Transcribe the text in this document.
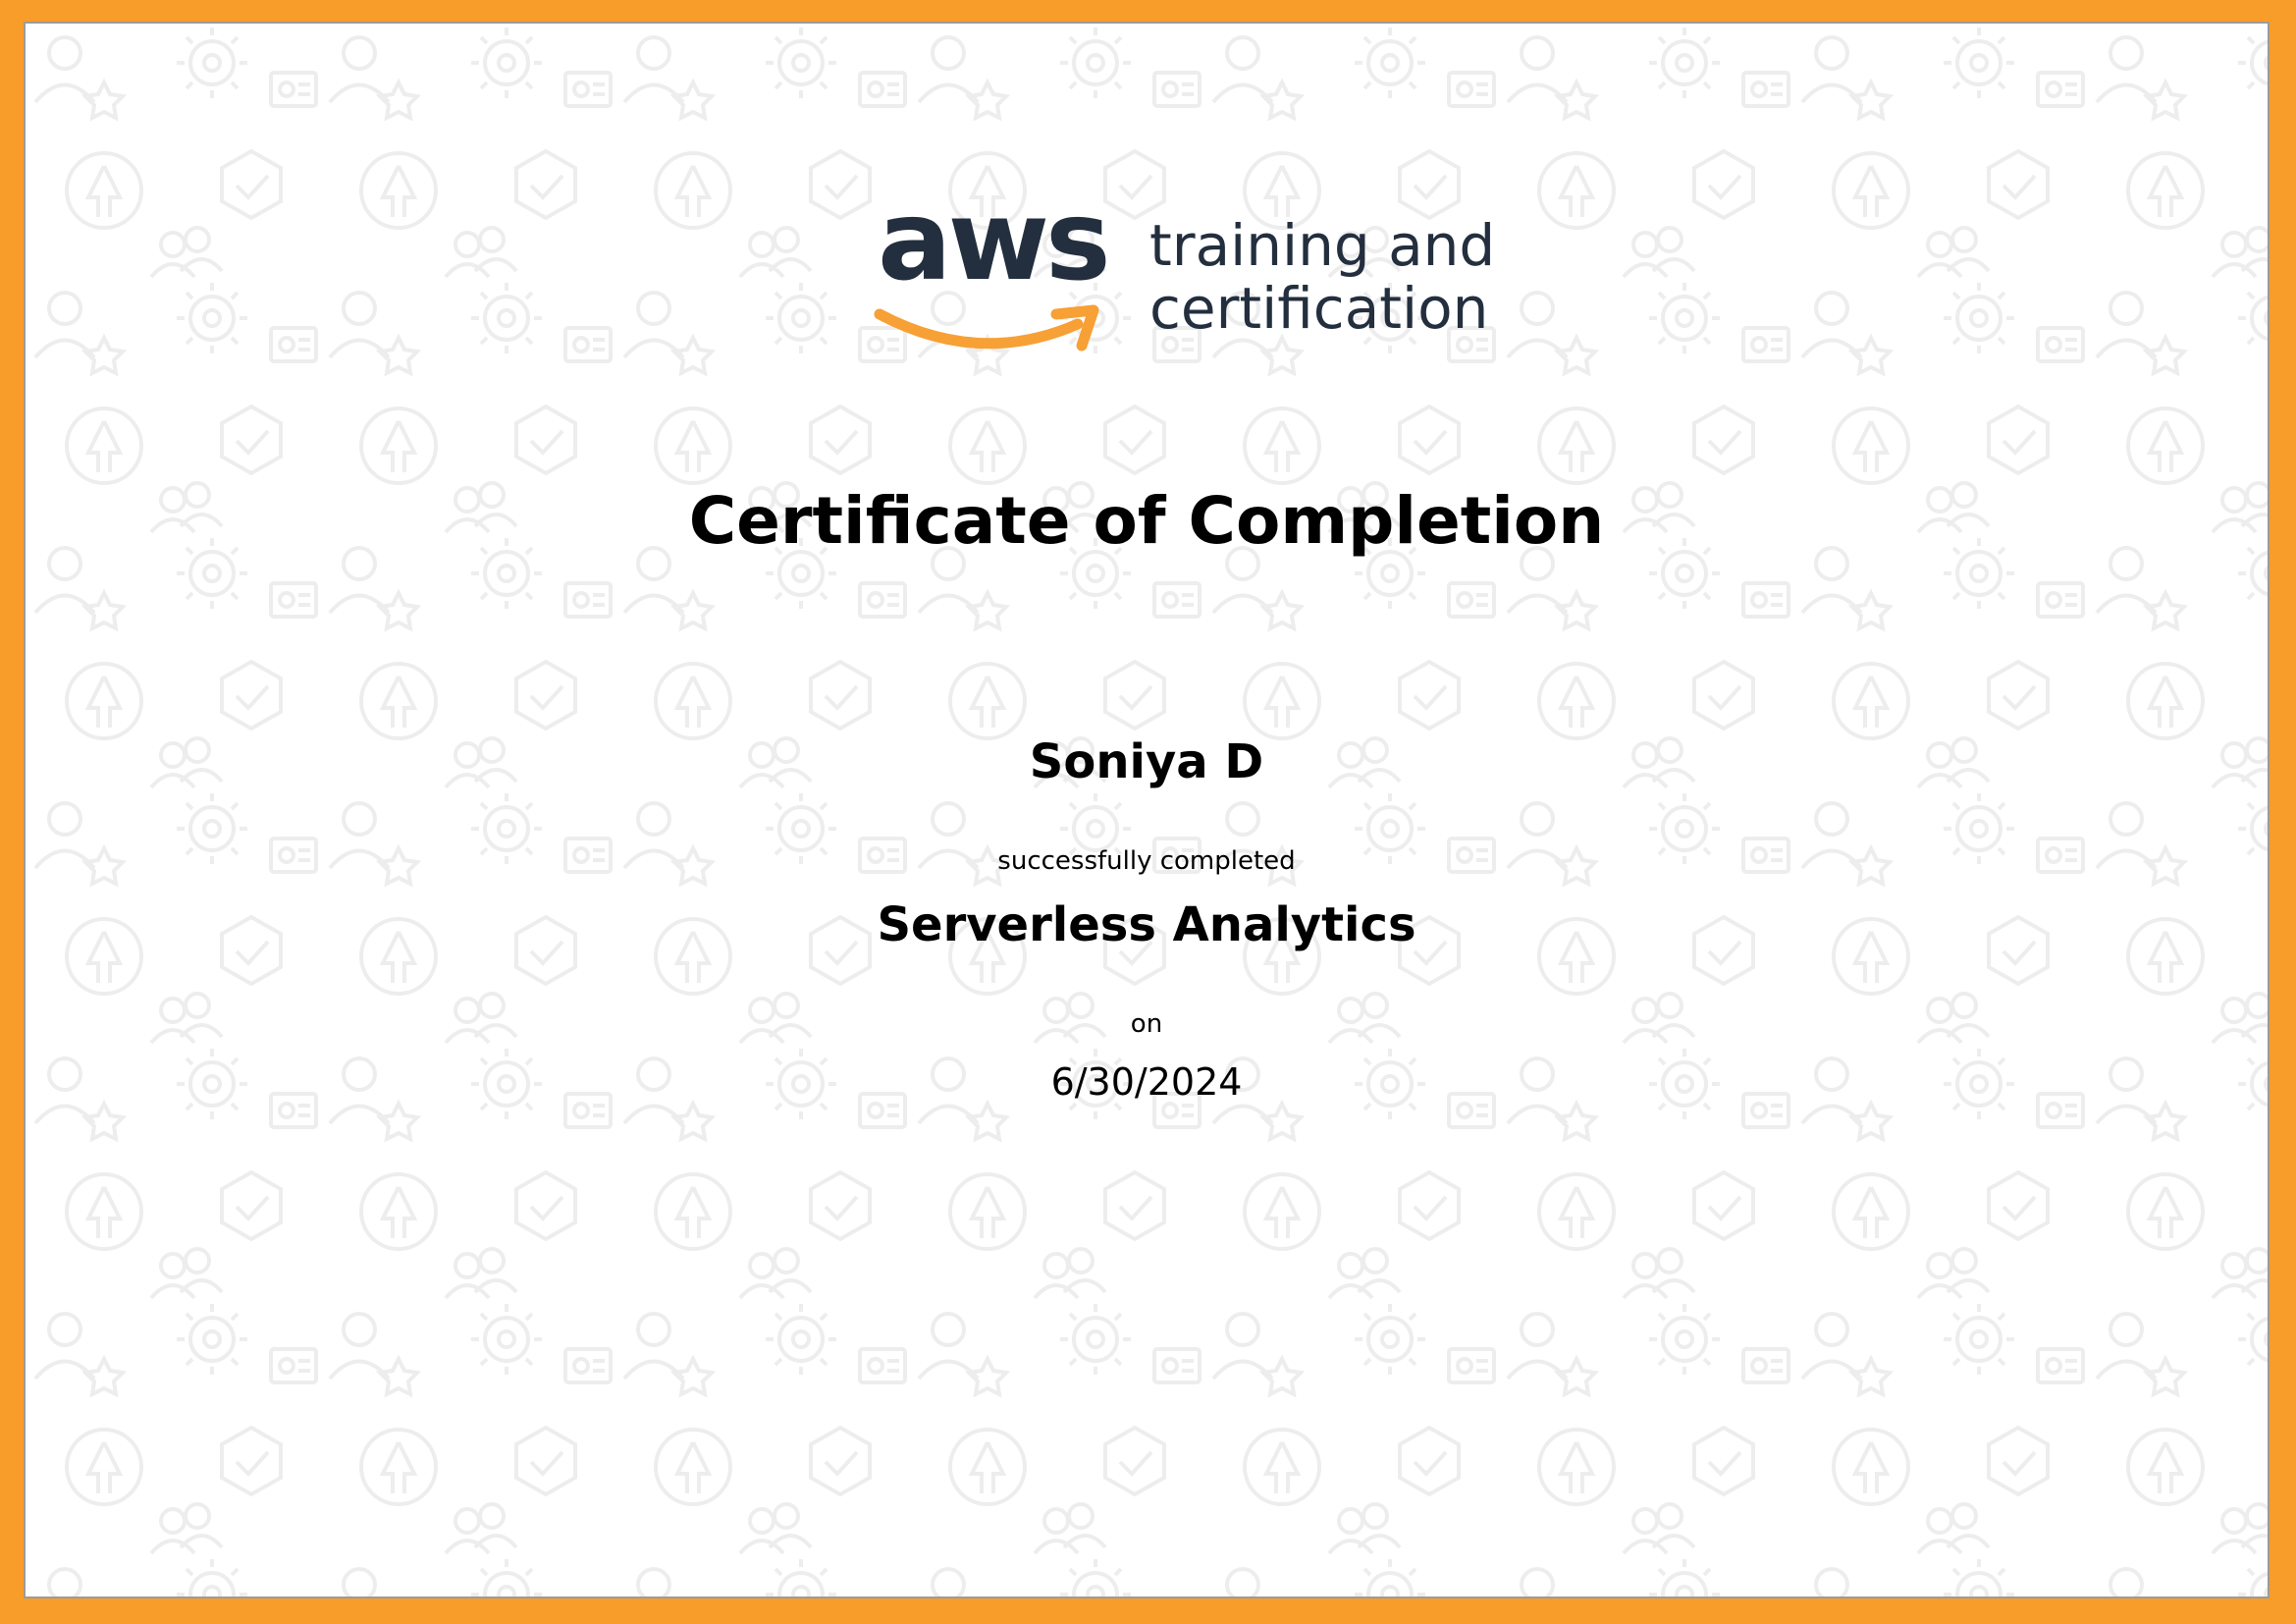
aws training and
certification
Certificate of Completion
Soniya D
successfully completed
Serverless Analytics
on
6/30/2024
